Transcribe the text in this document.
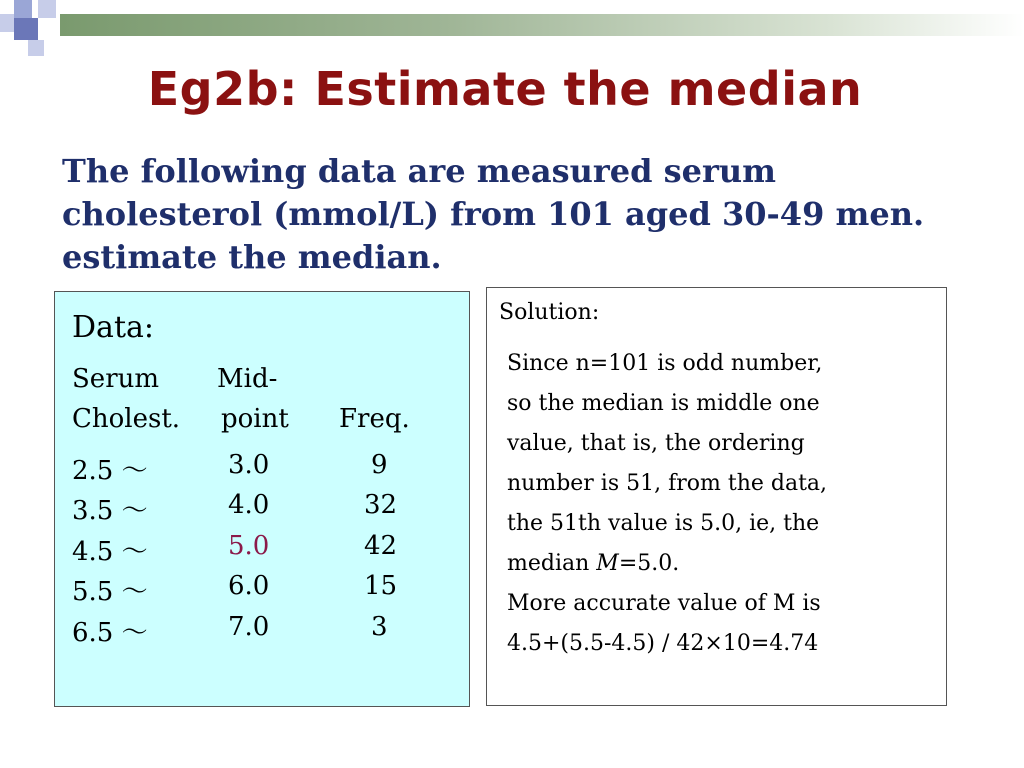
Eg2b: Estimate the median
The following data are measured serum
cholesterol (mmol/L) from 101 aged 30-49 men.
estimate the median.
Data:
Serum Mid-
Cholest. point Freq.
2.5 ～	3.0	9
3.5 ～	4.0	32
4.5 ～	5.0	42
5.5 ～	6.0	15
6.5 ～	7.0	3
Solution:
Since n=101 is odd number,
so the median is middle one
value, that is, the ordering
number is 51, from the data,
the 51th value is 5.0, ie, the
median M=5.0.
More accurate value of M is
4.5+(5.5-4.5) / 42×10=4.74
